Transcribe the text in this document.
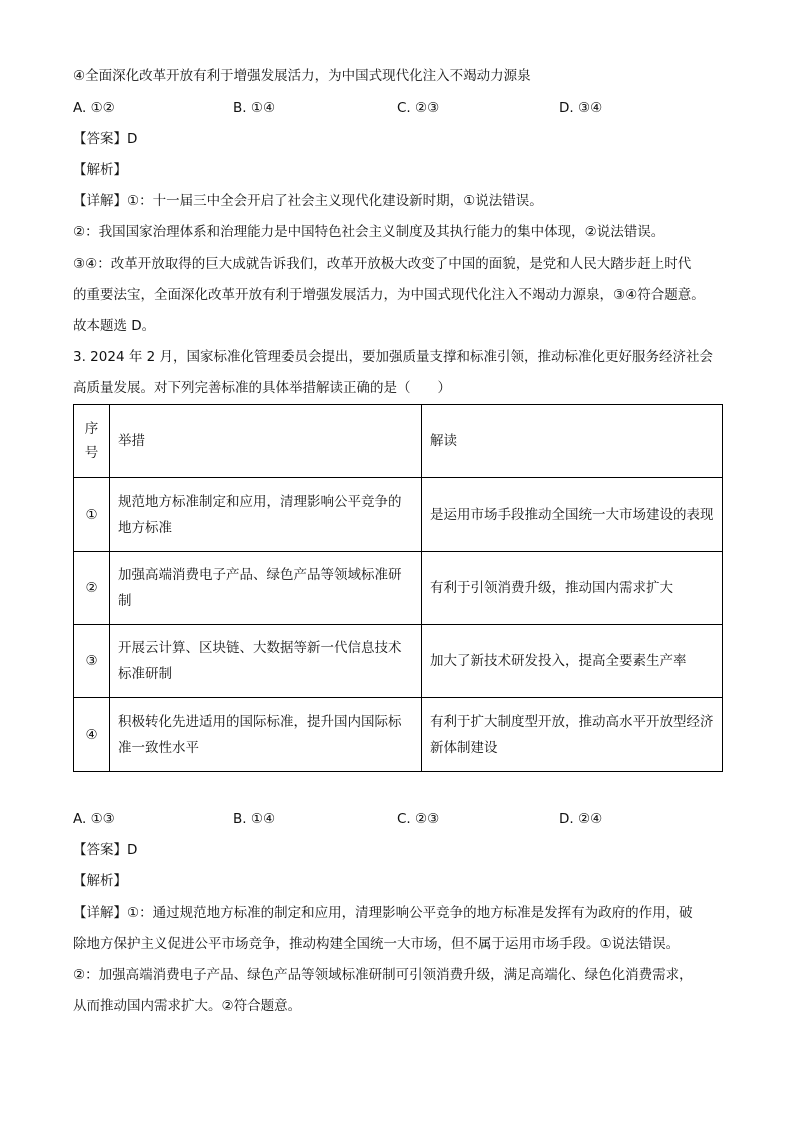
④全面深化改革开放有利于增强发展活力，为中国式现代化注入不竭动力源泉
A. ①②	B. ①④	C. ②③	D. ③④
【答案】D
【解析】
【详解】①：十一届三中全会开启了社会主义现代化建设新时期，①说法错误。
②：我国国家治理体系和治理能力是中国特色社会主义制度及其执行能力的集中体现，②说法错误。
③④：改革开放取得的巨大成就告诉我们，改革开放极大改变了中国的面貌，是党和人民大踏步赶上时代
的重要法宝，全面深化改革开放有利于增强发展活力，为中国式现代化注入不竭动力源泉，③④符合题意。
故本题选 D。
3. 2024 年 2 月，国家标准化管理委员会提出，要加强质量支撑和标准引领，推动标准化更好服务经济社会
高质量发展。对下列完善标准的具体举措解读正确的是（　　）
序
号	举措	解读
①	规范地方标准制定和应用，清理影响公平竞争的地方标准	是运用市场手段推动全国统一大市场建设的表现
②	加强高端消费电子产品、绿色产品等领域标准研制	有利于引领消费升级，推动国内需求扩大
③	开展云计算、区块链、大数据等新一代信息技术标准研制	加大了新技术研发投入，提高全要素生产率
④	积极转化先进适用的国际标准，提升国内国际标准一致性水平	有利于扩大制度型开放，推动高水平开放型经济新体制建设
A. ①③	B. ①④	C. ②③	D. ②④
【答案】D
【解析】
【详解】①：通过规范地方标准的制定和应用，清理影响公平竞争的地方标准是发挥有为政府的作用，破
除地方保护主义促进公平市场竞争，推动构建全国统一大市场，但不属于运用市场手段。①说法错误。
②：加强高端消费电子产品、绿色产品等领域标准研制可引领消费升级，满足高端化、绿色化消费需求，
从而推动国内需求扩大。②符合题意。
